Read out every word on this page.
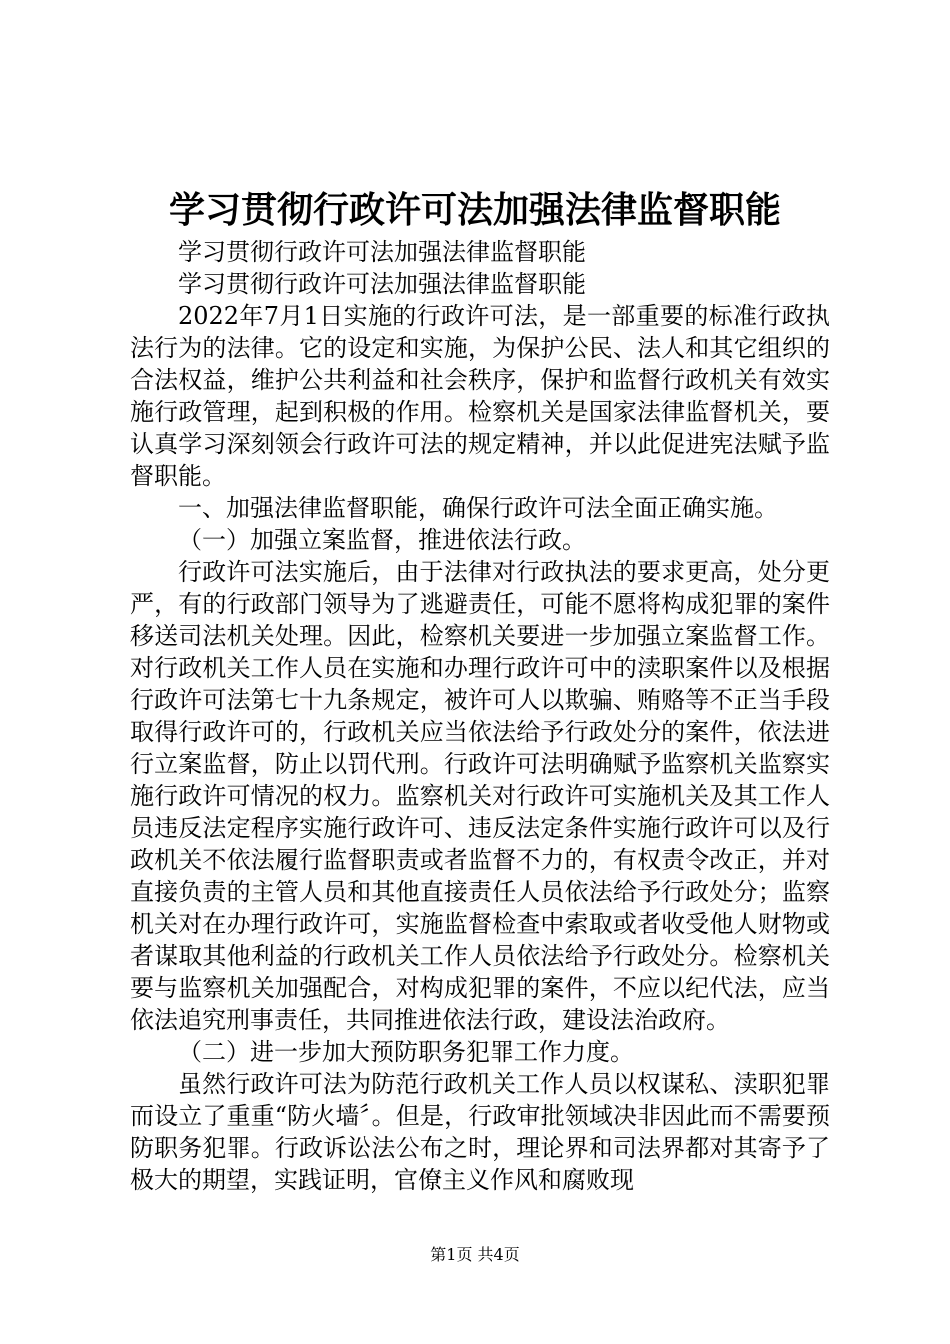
学习贯彻行政许可法加强法律监督职能

学习贯彻行政许可法加强法律监督职能

学习贯彻行政许可法加强法律监督职能

2022年7月1日实施的行政许可法，是一部重要的标准行政执法行为的法律。它的设定和实施，为保护公民、法人和其它组织的合法权益，维护公共利益和社会秩序，保护和监督行政机关有效实施行政管理，起到积极的作用。检察机关是国家法律监督机关，要认真学习深刻领会行政许可法的规定精神，并以此促进宪法赋予监督职能。

一、加强法律监督职能，确保行政许可法全面正确实施。

（一）加强立案监督，推进依法行政。

行政许可法实施后，由于法律对行政执法的要求更高，处分更严，有的行政部门领导为了逃避责任，可能不愿将构成犯罪的案件移送司法机关处理。因此，检察机关要进一步加强立案监督工作。对行政机关工作人员在实施和办理行政许可中的渎职案件以及根据行政许可法第七十九条规定，被许可人以欺骗、贿赂等不正当手段取得行政许可的，行政机关应当依法给予行政处分的案件，依法进行立案监督，防止以罚代刑。行政许可法明确赋予监察机关监察实施行政许可情况的权力。监察机关对行政许可实施机关及其工作人员违反法定程序实施行政许可、违反法定条件实施行政许可以及行政机关不依法履行监督职责或者监督不力的，有权责令改正，并对直接负责的主管人员和其他直接责任人员依法给予行政处分；监察机关对在办理行政许可，实施监督检查中索取或者收受他人财物或者谋取其他利益的行政机关工作人员依法给予行政处分。检察机关要与监察机关加强配合，对构成犯罪的案件，不应以纪代法，应当依法追究刑事责任，共同推进依法行政，建设法治政府。

（二）进一步加大预防职务犯罪工作力度。

虽然行政许可法为防范行政机关工作人员以权谋私、渎职犯罪而设立了重重“防火墙〞。但是，行政审批领域决非因此而不需要预防职务犯罪。行政诉讼法公布之时，理论界和司法界都对其寄予了极大的期望，实践证明，官僚主义作风和腐败现

第1页 共4页
